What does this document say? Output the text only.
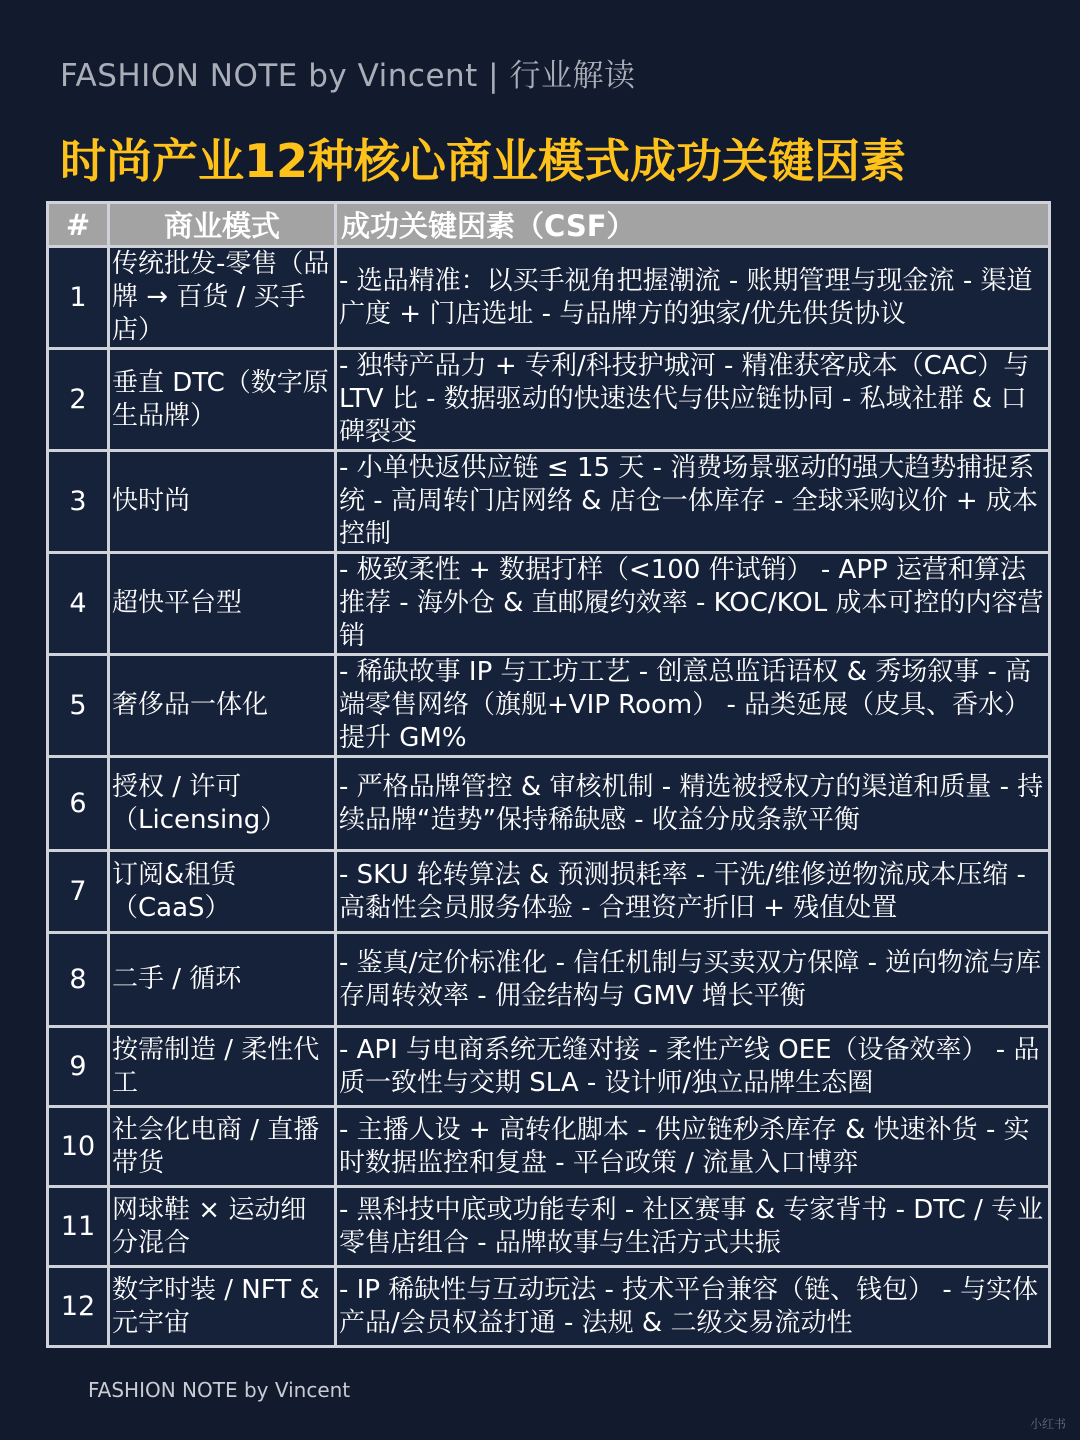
FASHION NOTE by Vincent | 行业解读
时尚产业12种核心商业模式成功关键因素
#	商业模式	成功关键因素（CSF）
1	传统批发-零售（品牌 → 百货 / 买手店）	- 选品精准：以买手视角把握潮流 - 账期管理与现金流 - 渠道广度 + 门店选址 - 与品牌方的独家/优先供货协议
2	垂直 DTC（数字原生品牌）	- 独特产品力 + 专利/科技护城河 - 精准获客成本（CAC）与 LTV 比 - 数据驱动的快速迭代与供应链协同 - 私域社群 & 口碑裂变
3	快时尚	- 小单快返供应链 ≤ 15 天 - 消费场景驱动的强大趋势捕捉系统 - 高周转门店网络 & 店仓一体库存 - 全球采购议价 + 成本控制
4	超快平台型	- 极致柔性 + 数据打样（<100 件试销） - APP 运营和算法推荐 - 海外仓 & 直邮履约效率 - KOC/KOL 成本可控的内容营销
5	奢侈品一体化	- 稀缺故事 IP 与工坊工艺 - 创意总监话语权 & 秀场叙事 - 高端零售网络（旗舰+VIP Room） - 品类延展（皮具、香水）提升 GM%
6	授权 / 许可（Licensing）	- 严格品牌管控 & 审核机制 - 精选被授权方的渠道和质量 - 持续品牌“造势”保持稀缺感 - 收益分成条款平衡
7	订阅&租赁（CaaS）	- SKU 轮转算法 & 预测损耗率 - 干洗/维修逆物流成本压缩 - 高黏性会员服务体验 - 合理资产折旧 + 残值处置
8	二手 / 循环	- 鉴真/定价标准化 - 信任机制与买卖双方保障 - 逆向物流与库存周转效率 - 佣金结构与 GMV 增长平衡
9	按需制造 / 柔性代工	- API 与电商系统无缝对接 - 柔性产线 OEE（设备效率） - 品质一致性与交期 SLA - 设计师/独立品牌生态圈
10	社会化电商 / 直播带货	- 主播人设 + 高转化脚本 - 供应链秒杀库存 & 快速补货 - 实时数据监控和复盘 - 平台政策 / 流量入口博弈
11	网球鞋 × 运动细分混合	- 黑科技中底或功能专利 - 社区赛事 & 专家背书 - DTC / 专业零售店组合 - 品牌故事与生活方式共振
12	数字时装 / NFT & 元宇宙	- IP 稀缺性与互动玩法 - 技术平台兼容（链、钱包） - 与实体产品/会员权益打通 - 法规 & 二级交易流动性
FASHION NOTE by Vincent
小红书
